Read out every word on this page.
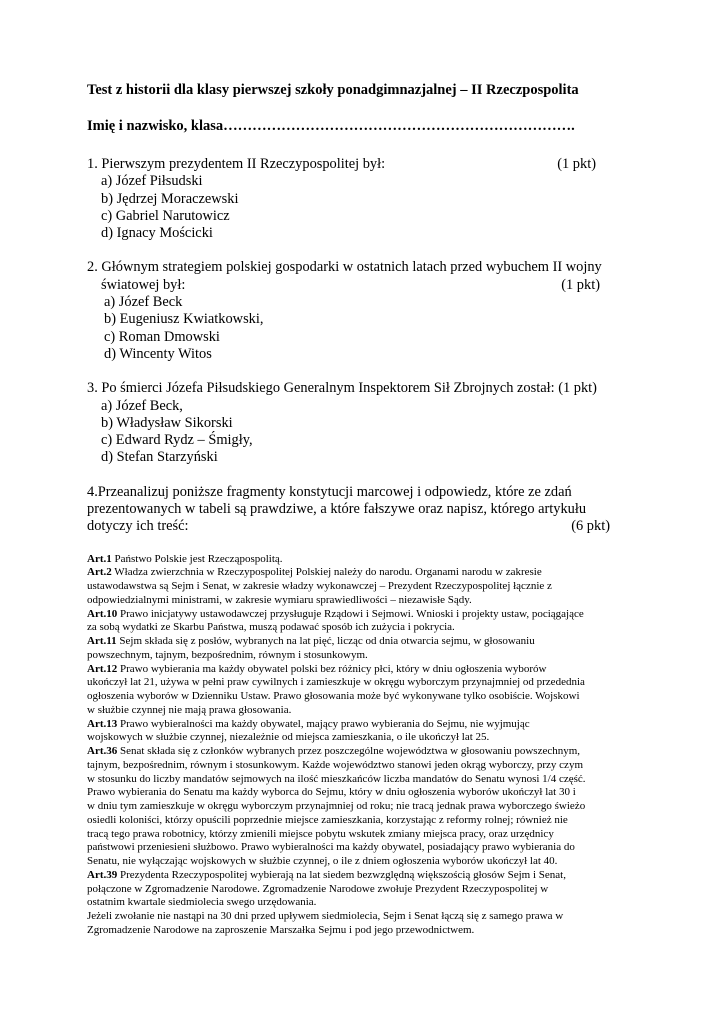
Test z historii dla klasy pierwszej szkoły ponadgimnazjalnej – II Rzeczpospolita

Imię i nazwisko, klasa……………………………………………………………….

1. Pierwszym prezydentem II Rzeczypospolitej był:	(1 pkt)
a) Józef Piłsudski
b) Jędrzej Moraczewski
c) Gabriel Narutowicz
d) Ignacy Mościcki
2. Głównym strategiem polskiej gospodarki w ostatnich latach przed wybuchem II wojny
światowej był:	(1 pkt)
a) Józef Beck
b) Eugeniusz Kwiatkowski,
c) Roman Dmowski
d) Wincenty Witos
3. Po śmierci Józefa Piłsudskiego Generalnym Inspektorem Sił Zbrojnych został: (1 pkt)
a) Józef Beck,
b) Władysław Sikorski
c) Edward Rydz – Śmigły,
d) Stefan Starzyński
4.Przeanalizuj poniższe fragmenty konstytucji marcowej i odpowiedz, które ze zdań
prezentowanych w tabeli są prawdziwe, a które fałszywe oraz napisz, którego artykułu
dotyczy ich treść:	(6 pkt)

Art.1 Państwo Polskie jest Rzecząpospolitą.

Art.2 Władza zwierzchnia w Rzeczypospolitej Polskiej należy do narodu. Organami narodu w zakresie
ustawodawstwa są Sejm i Senat, w zakresie władzy wykonawczej – Prezydent Rzeczypospolitej łącznie z
odpowiedzialnymi ministrami, w zakresie wymiaru sprawiedliwości – niezawisłe Sądy.

Art.10 Prawo inicjatywy ustawodawczej przysługuje Rządowi i Sejmowi. Wnioski i projekty ustaw, pociągające
za sobą wydatki ze Skarbu Państwa, muszą podawać sposób ich zużycia i pokrycia.

Art.11 Sejm składa się z posłów, wybranych na lat pięć, licząc od dnia otwarcia sejmu, w głosowaniu
powszechnym, tajnym, bezpośrednim, równym i stosunkowym.

Art.12 Prawo wybierania ma każdy obywatel polski bez różnicy płci, który w dniu ogłoszenia wyborów
ukończył lat 21, używa w pełni praw cywilnych i zamieszkuje w okręgu wyborczym przynajmniej od przedednia
ogłoszenia wyborów w Dzienniku Ustaw. Prawo głosowania może być wykonywane tylko osobiście. Wojskowi
w służbie czynnej nie mają prawa głosowania.

Art.13 Prawo wybieralności ma każdy obywatel, mający prawo wybierania do Sejmu, nie wyjmując
wojskowych w służbie czynnej, niezależnie od miejsca zamieszkania, o ile ukończył lat 25.

Art.36 Senat składa się z członków wybranych przez poszczególne województwa w głosowaniu powszechnym,
tajnym, bezpośrednim, równym i stosunkowym. Każde województwo stanowi jeden okrąg wyborczy, przy czym
w stosunku do liczby mandatów sejmowych na ilość mieszkańców liczba mandatów do Senatu wynosi 1/4 część.
Prawo wybierania do Senatu ma każdy wyborca do Sejmu, który w dniu ogłoszenia wyborów ukończył lat 30 i
w dniu tym zamieszkuje w okręgu wyborczym przynajmniej od roku; nie tracą jednak prawa wyborczego świeżo
osiedli koloniści, którzy opuścili poprzednie miejsce zamieszkania, korzystając z reformy rolnej; również nie
tracą tego prawa robotnicy, którzy zmienili miejsce pobytu wskutek zmiany miejsca pracy, oraz urzędnicy
państwowi przeniesieni służbowo. Prawo wybieralności ma każdy obywatel, posiadający prawo wybierania do
Senatu, nie wyłączając wojskowych w służbie czynnej, o ile z dniem ogłoszenia wyborów ukończył lat 40.

Art.39 Prezydenta Rzeczypospolitej wybierają na lat siedem bezwzględną większością głosów Sejm i Senat,
połączone w Zgromadzenie Narodowe. Zgromadzenie Narodowe zwołuje Prezydent Rzeczypospolitej w
ostatnim kwartale siedmiolecia swego urzędowania.
Jeżeli zwołanie nie nastąpi na 30 dni przed upływem siedmiolecia, Sejm i Senat łączą się z samego prawa w
Zgromadzenie Narodowe na zaproszenie Marszałka Sejmu i pod jego przewodnictwem.
